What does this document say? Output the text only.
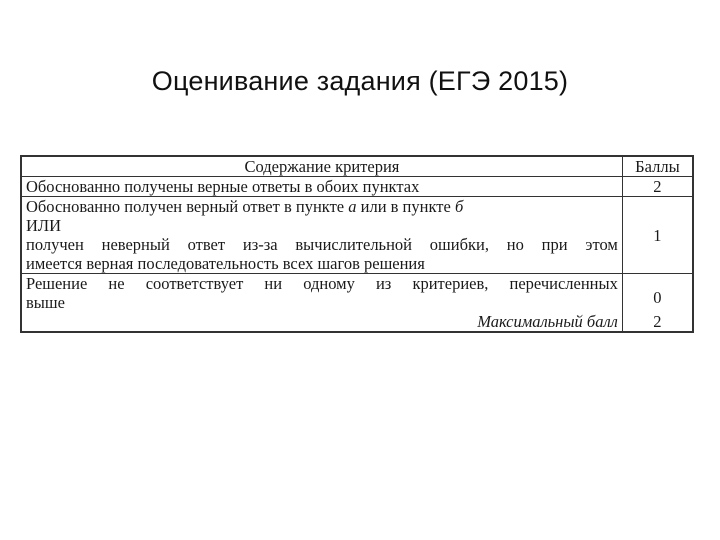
Оценивание задания (ЕГЭ 2015)
Содержание критерия	Баллы

Обоснованно получены верные ответы в обоих пунктах	2

Обоснованно получен верный ответ в пункте а или в пункте б
ИЛИ
получен неверный ответ из-за вычислительной ошибки, но при этом
имеется верная последовательность всех шагов решения	1

Решение не соответствует ни одному из критериев, перечисленных
выше	0
Максимальный балл	2
